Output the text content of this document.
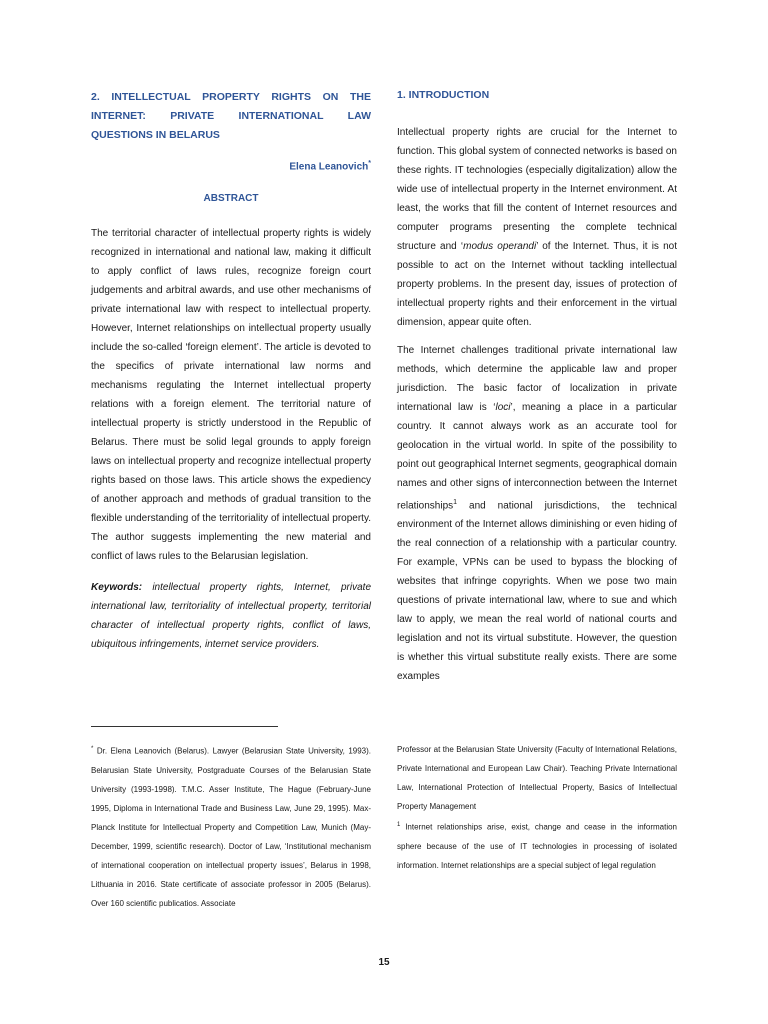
2. INTELLECTUAL PROPERTY RIGHTS ON THE INTERNET: PRIVATE INTERNATIONAL LAW QUESTIONS IN BELARUS
Elena Leanovich*
ABSTRACT
The territorial character of intellectual property rights is widely recognized in international and national law, making it difficult to apply conflict of laws rules, recognize foreign court judgements and arbitral awards, and use other mechanisms of private international law with respect to intellectual property. However, Internet relationships on intellectual property usually include the so-called ‘foreign element’. The article is devoted to the specifics of private international law norms and mechanisms regulating the Internet intellectual property relations with a foreign element. The territorial nature of intellectual property is strictly understood in the Republic of Belarus. There must be solid legal grounds to apply foreign laws on intellectual property and recognize intellectual property rights based on those laws. This article shows the expediency of another approach and methods of gradual transition to the flexible understanding of the territoriality of intellectual property. The author suggests implementing the new material and conflict of laws rules to the Belarusian legislation.
Keywords: intellectual property rights, Internet, private international law, territoriality of intellectual property, territorial character of intellectual property rights, conflict of laws, ubiquitous infringements, internet service providers.
1. INTRODUCTION
Intellectual property rights are crucial for the Internet to function. This global system of connected networks is based on these rights. IT technologies (especially digitalization) allow the wide use of intellectual property in the Internet environment. At least, the works that fill the content of Internet resources and computer programs presenting the complete technical structure and ‘modus operandi’ of the Internet. Thus, it is not possible to act on the Internet without tackling intellectual property problems. In the present day, issues of protection of intellectual property rights and their enforcement in the virtual dimension, appear quite often.
The Internet challenges traditional private international law methods, which determine the applicable law and proper jurisdiction. The basic factor of localization in private international law is ‘loci’, meaning a place in a particular country. It cannot always work as an accurate tool for geolocation in the virtual world. In spite of the possibility to point out geographical Internet segments, geographical domain names and other signs of interconnection between the Internet relationships$^1$ and national jurisdictions, the technical environment of the Internet allows diminishing or even hiding of the real connection of a relationship with a particular country. For example, VPNs can be used to bypass the blocking of websites that infringe copyrights. When we pose two main questions of private international law, where to sue and which law to apply, we mean the real world of national courts and legislation and not its virtual substitute. However, the question is whether this virtual substitute really exists. There are some examples
* Dr. Elena Leanovich (Belarus). Lawyer (Belarusian State University, 1993). Belarusian State University, Postgraduate Courses of the Belarusian State University (1993-1998). T.M.C. Asser Institute, The Hague (February-June 1995, Diploma in International Trade and Business Law, June 29, 1995). Max-Planck Institute for Intellectual Property and Competition Law, Munich (May-December, 1999, scientific research). Doctor of Law, ‘Institutional mechanism of international cooperation on intellectual property issues’, Belarus in 1998, Lithuania in 2016. State certificate of associate professor in 2005 (Belarus). Over 160 scientific publicatios. Associate
Professor at the Belarusian State University (Faculty of International Relations, Private International and European Law Chair). Teaching Private International Law, International Protection of Intellectual Property, Basics of Intellectual Property Management
$^1$ Internet relationships arise, exist, change and cease in the information sphere because of the use of IT technologies in processing of isolated information. Internet relationships are a special subject of legal regulation
15
